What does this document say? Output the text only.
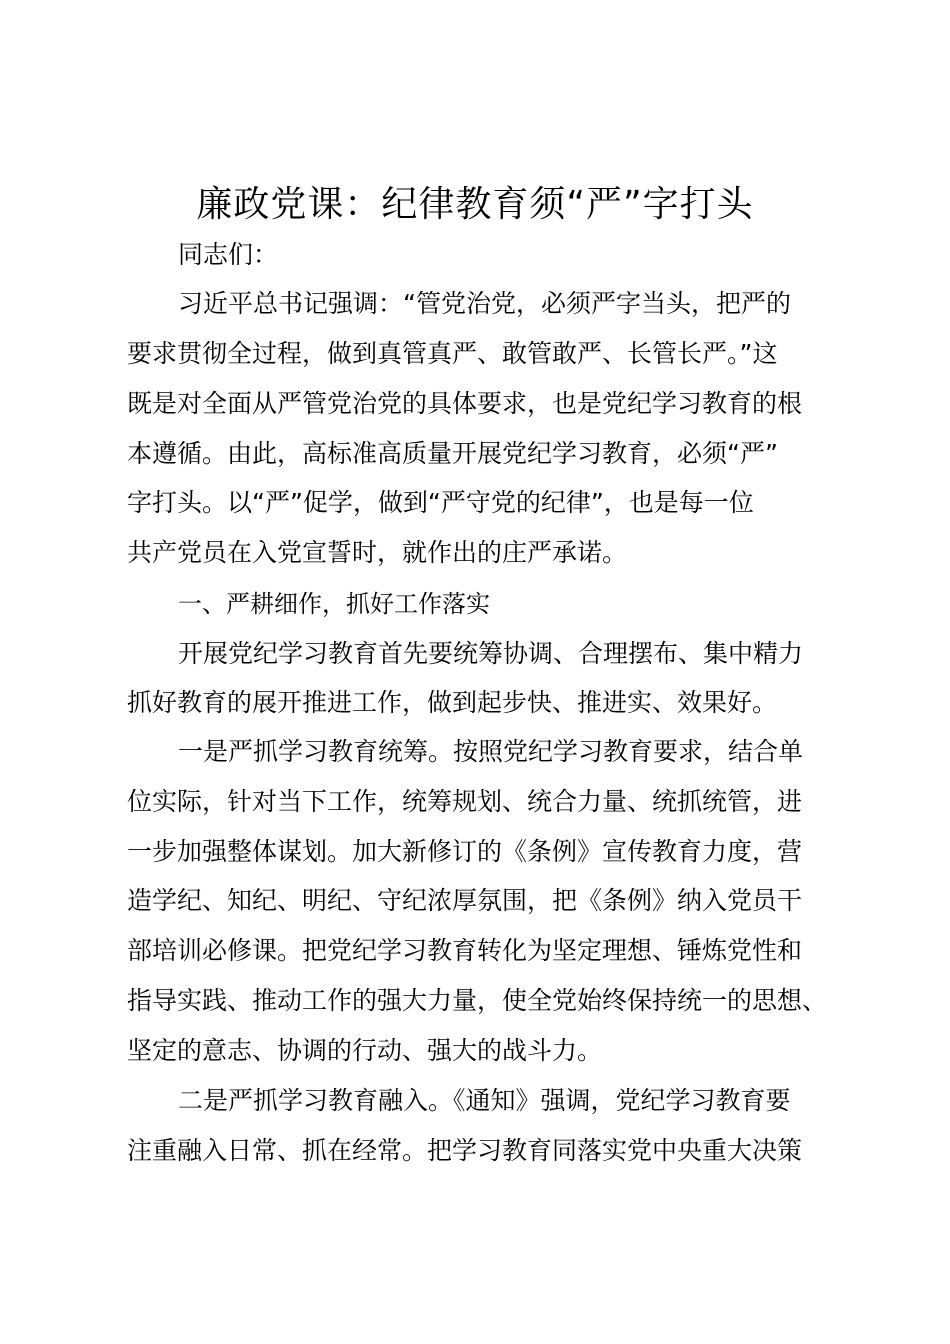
廉政党课：纪律教育须“严”字打头
同志们：
习近平总书记强调：“管党治党，必须严字当头，把严的
要求贯彻全过程，做到真管真严、敢管敢严、长管长严。”这
既是对全面从严管党治党的具体要求，也是党纪学习教育的根
本遵循。由此，高标准高质量开展党纪学习教育，必须“严”
字打头。以“严”促学，做到“严守党的纪律”，也是每一位
共产党员在入党宣誓时，就作出的庄严承诺。
一、严耕细作，抓好工作落实
开展党纪学习教育首先要统筹协调、合理摆布、集中精力
抓好教育的展开推进工作，做到起步快、推进实、效果好。
一是严抓学习教育统筹。按照党纪学习教育要求，结合单
位实际，针对当下工作，统筹规划、统合力量、统抓统管，进
一步加强整体谋划。加大新修订的《条例》宣传教育力度，营
造学纪、知纪、明纪、守纪浓厚氛围，把《条例》纳入党员干
部培训必修课。把党纪学习教育转化为坚定理想、锤炼党性和
指导实践、推动工作的强大力量，使全党始终保持统一的思想、
坚定的意志、协调的行动、强大的战斗力。
二是严抓学习教育融入。《通知》强调，党纪学习教育要
注重融入日常、抓在经常。把学习教育同落实党中央重大决策
